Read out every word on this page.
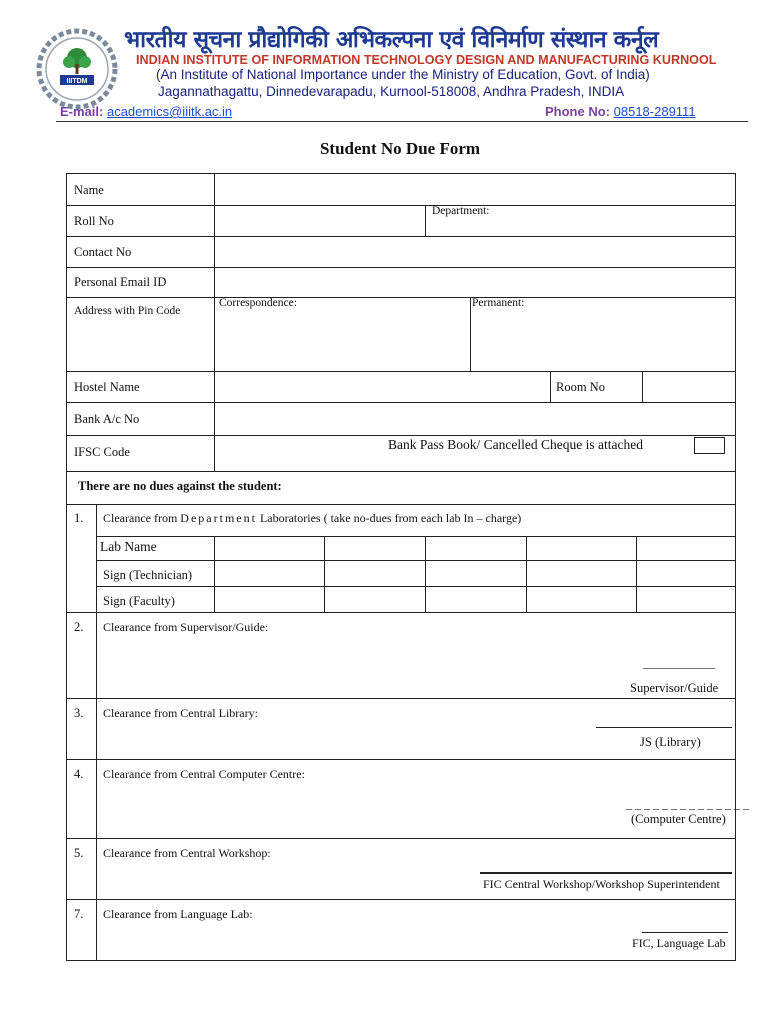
IIITDM
भारतीय सूचना प्रौद्योगिकी अभिकल्पना एवं विनिर्माण संस्थान कर्नूल
INDIAN INSTITUTE OF INFORMATION TECHNOLOGY DESIGN AND MANUFACTURING KURNOOL
(An Institute of National Importance under the Ministry of Education, Govt. of India)
Jagannathagattu, Dinnedevarapadu, Kurnool-518008, Andhra Pradesh, INDIA
E-mail: academics@iiitk.ac.in	Phone No: 08518-289111
Student No Due Form
Name
Roll No
Department:
Contact No
Personal Email ID
Address with Pin Code
Correspondence:	Permanent:
Hostel Name	Room No
Bank A/c No
IFSC Code	Bank Pass Book/ Cancelled Cheque is attached
There are no dues against the student:
1. Clearance from Department Laboratories ( take no-dues from each lab In – charge)
Lab Name
Sign (Technician)
Sign (Faculty)
2. Clearance from Supervisor/Guide:
____________
Supervisor/Guide
3. Clearance from Central Library:
JS (Library)
4. Clearance from Central Computer Centre:
_ _ _ _ _ _ _ _ _ _ _ _ _ _
(Computer Centre)
5. Clearance from Central Workshop:
FIC Central Workshop/Workshop Superintendent
7. Clearance from Language Lab:
FIC, Language Lab
